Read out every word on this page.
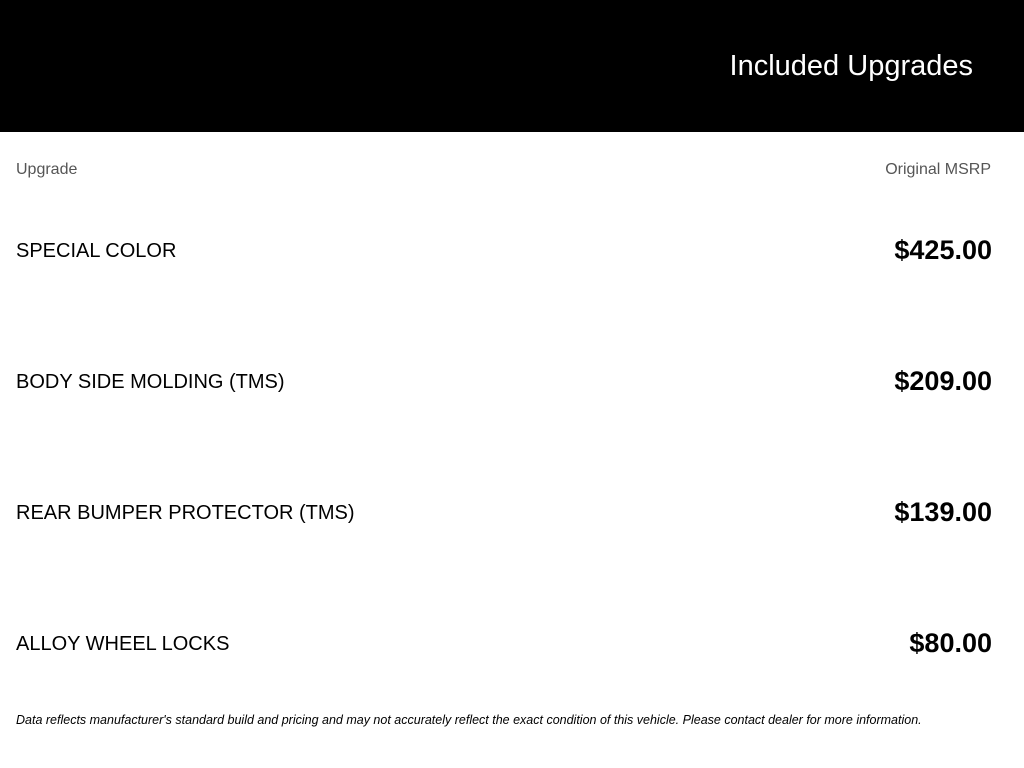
Included Upgrades
Upgrade	Original MSRP
SPECIAL COLOR	$425.00
BODY SIDE MOLDING (TMS)	$209.00
REAR BUMPER PROTECTOR (TMS)	$139.00
ALLOY WHEEL LOCKS	$80.00
Data reflects manufacturer's standard build and pricing and may not accurately reflect the exact condition of this vehicle. Please contact dealer for more information.
